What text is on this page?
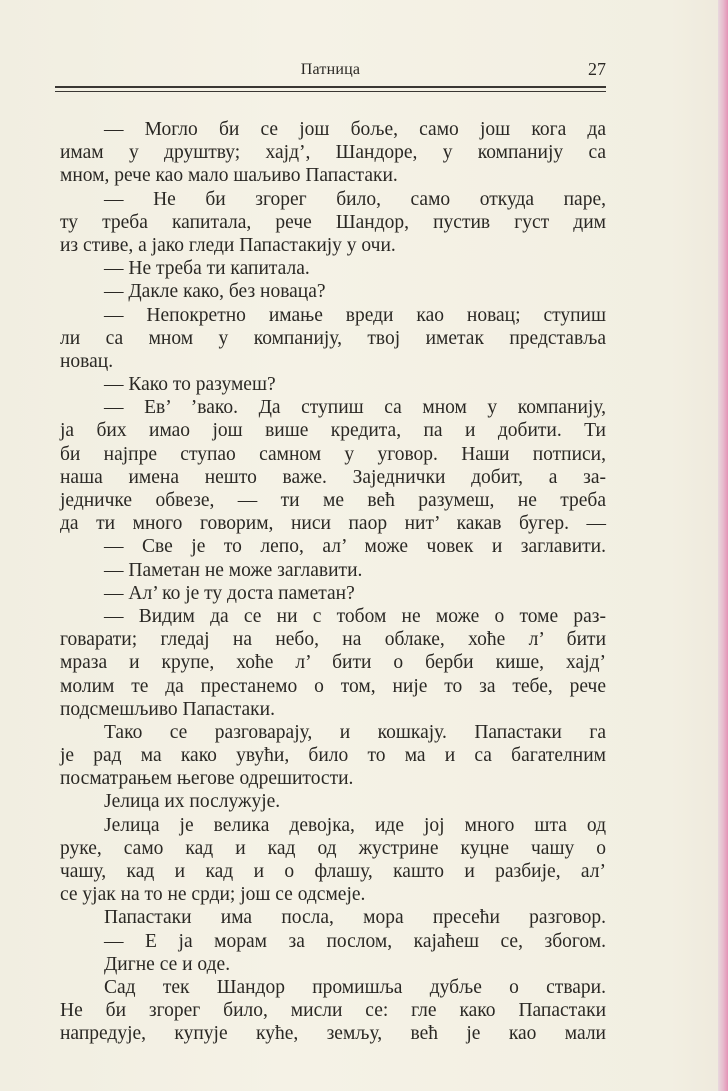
Патница	27
— Могло би се још боље, само још кога да
имам у друштву; хајд’, Шандоре, у компанију са
мном, рече као мало шаљиво Папастаки.
— Не би згорег било, само откуда паре,
ту треба капитала, рече Шандор, пустив густ дим
из стиве, а јако гледи Папастакију у очи.
— Не треба ти капитала.
— Дакле како, без новаца?
— Непокретно имање вреди као новац; ступиш
ли са мном у компанију, твој иметак представља
новац.
— Како то разумеш?
— Ев’ ’вако. Да ступиш са мном у компанију,
ја бих имао још више кредита, па и добити. Ти
би најпре ступао самном у уговор. Наши потписи,
наша имена нешто важе. Заједнички добит, а за-
једничке обвезе, — ти ме већ разумеш, не треба
да ти много говорим, ниси паор нит’ какав бугер. —
— Све је то лепо, ал’ може човек и заглавити.
— Паметан не може заглавити.
— Ал’ ко је ту доста паметан?
— Видим да се ни с тобом не може о томе раз-
говарати; гледај на небо, на облаке, хоће л’ бити
мраза и крупе, хоће л’ бити о берби кише, хајд’
молим те да престанемо о том, није то за тебе, рече
подсмешљиво Папастаки.
Тако се разговарају, и кошкају. Папастаки га
је рад ма како увући, било то ма и са багателним
посматрањем његове одрешитости.
Јелица их послужује.
Јелица је велика девојка, иде јој много шта од
руке, само кад и кад од жустрине куцне чашу о
чашу, кад и кад и о флашу, кашто и разбије, ал’
се ујак на то не срди; још се одсмеје.
Папастаки има посла, мора пресећи разговор.
— Е ја морам за послом, кајаћеш се, збогом.
Дигне се и оде.
Сад тек Шандор промишља дубље о ствари.
Не би згорег било, мисли се: гле како Папастаки
напредује, купује куће, земљу, већ је као мали
